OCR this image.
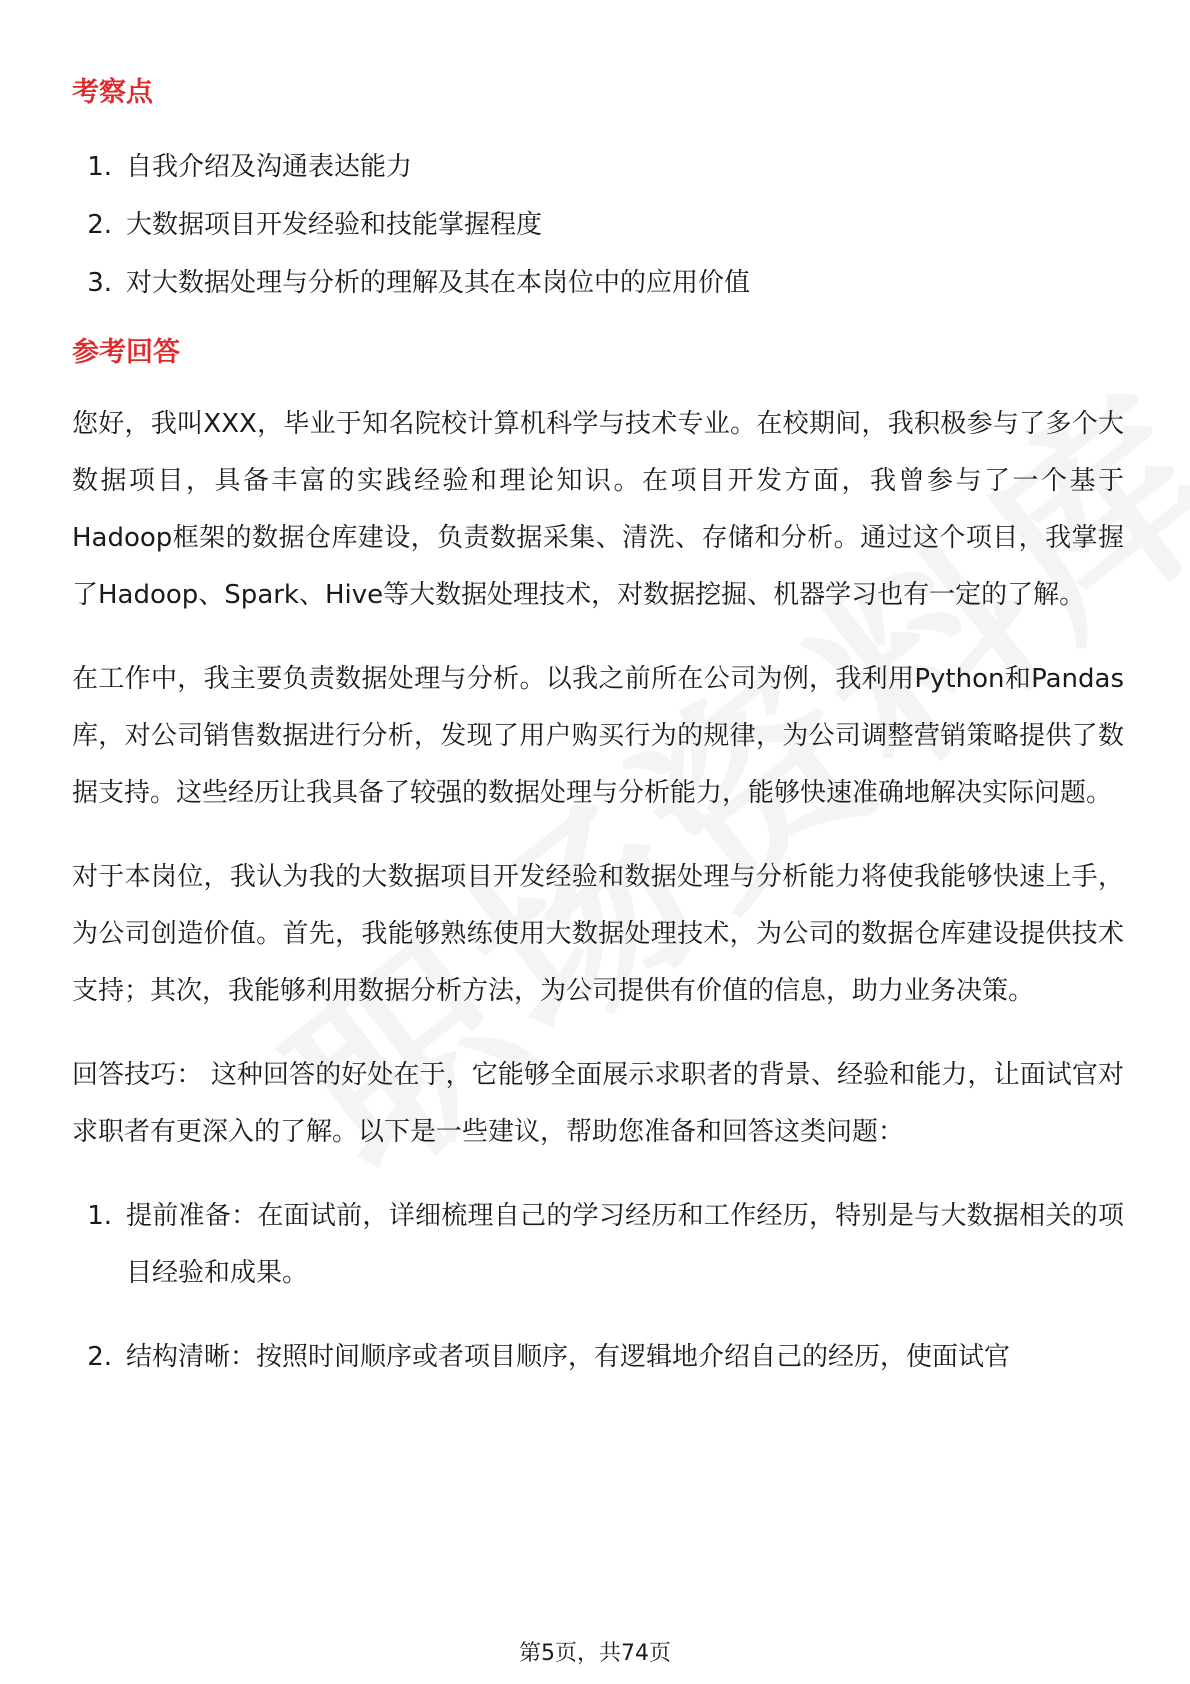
考察点
1. 自我介绍及沟通表达能力
2. 大数据项目开发经验和技能掌握程度
3. 对大数据处理与分析的理解及其在本岗位中的应用价值
参考回答

您好，我叫XXX，毕业于知名院校计算机科学与技术专业。在校期间，我积极参与了多个大数据项目，具备丰富的实践经验和理论知识。在项目开发方面，我曾参与了一个基于Hadoop框架的数据仓库建设，负责数据采集、清洗、存储和分析。通过这个项目，我掌握了Hadoop、Spark、Hive等大数据处理技术，对数据挖掘、机器学习也有一定的了解。

在工作中，我主要负责数据处理与分析。以我之前所在公司为例，我利用Python和Pandas库，对公司销售数据进行分析，发现了用户购买行为的规律，为公司调整营销策略提供了数据支持。这些经历让我具备了较强的数据处理与分析能力，能够快速准确地解决实际问题。

对于本岗位，我认为我的大数据项目开发经验和数据处理与分析能力将使我能够快速上手，为公司创造价值。首先，我能够熟练使用大数据处理技术，为公司的数据仓库建设提供技术支持；其次，我能够利用数据分析方法，为公司提供有价值的信息，助力业务决策。

回答技巧： 这种回答的好处在于，它能够全面展示求职者的背景、经验和能力，让面试官对求职者有更深入的了解。以下是一些建议，帮助您准备和回答这类问题：

1. 提前准备：在面试前，详细梳理自己的学习经历和工作经历，特别是与大数据相关的项目经验和成果。
2. 结构清晰：按照时间顺序或者项目顺序，有逻辑地介绍自己的经历，使面试官
第5页，共74页
